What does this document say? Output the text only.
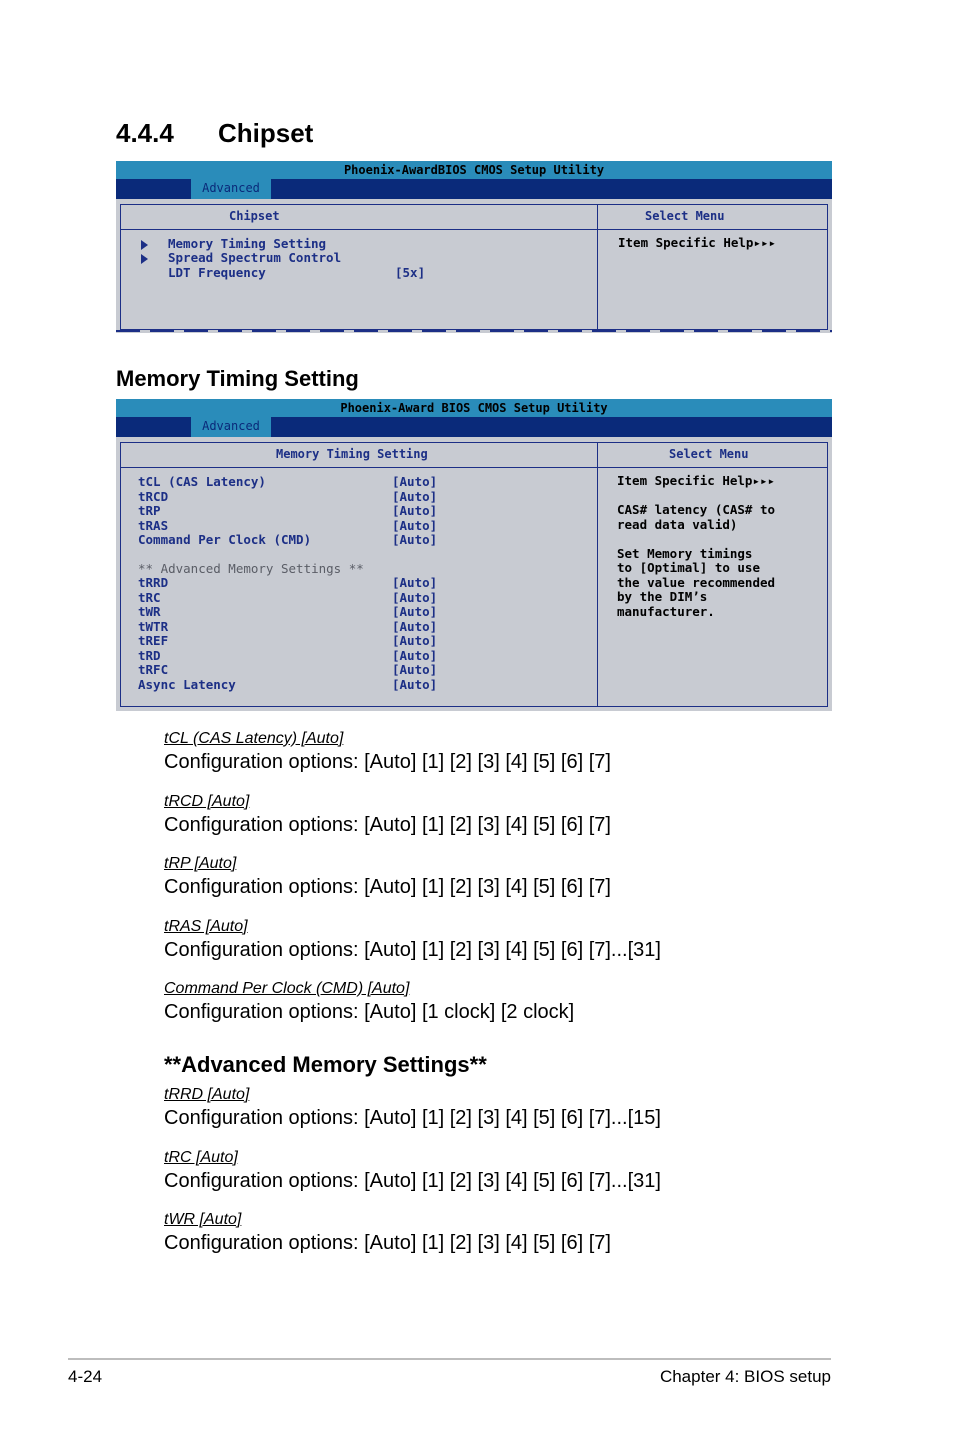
4.4.4 Chipset
Phoenix-AwardBIOS CMOS Setup Utility
Advanced
Chipset	Select Menu
Memory Timing Setting
Spread Spectrum Control
LDT Frequency	[5x]
Item Specific Help▸▸▸
Memory Timing Setting
Phoenix-Award BIOS CMOS Setup Utility
Advanced
Memory Timing Setting	Select Menu
tCL (CAS Latency)	[Auto]
tRCD	[Auto]
tRP	[Auto]
tRAS	[Auto]
Command Per Clock (CMD)	[Auto]
tRRD	[Auto]
tRC	[Auto]
tWR	[Auto]
tWTR	[Auto]
tREF	[Auto]
tRD	[Auto]
tRFC	[Auto]
Async Latency	[Auto]
** Advanced Memory Settings **
Item Specific Help▸▸▸
CAS# latency (CAS# to
read data valid)
Set Memory timings
to [Optimal] to use
the value recommended
by the DIM’s
manufacturer.
tCL (CAS Latency) [Auto]
Configuration options: [Auto] [1] [2] [3] [4] [5] [6] [7]
tRCD [Auto]
Configuration options: [Auto] [1] [2] [3] [4] [5] [6] [7]
tRP [Auto]
Configuration options: [Auto] [1] [2] [3] [4] [5] [6] [7]
tRAS [Auto]
Configuration options: [Auto] [1] [2] [3] [4] [5] [6] [7]...[31]
Command Per Clock (CMD) [Auto]
Configuration options: [Auto] [1 clock] [2 clock]
**Advanced Memory Settings**
tRRD [Auto]
Configuration options: [Auto] [1] [2] [3] [4] [5] [6] [7]...[15]
tRC [Auto]
Configuration options: [Auto] [1] [2] [3] [4] [5] [6] [7]...[31]
tWR [Auto]
Configuration options: [Auto] [1] [2] [3] [4] [5] [6] [7]
4-24	Chapter 4: BIOS setup
